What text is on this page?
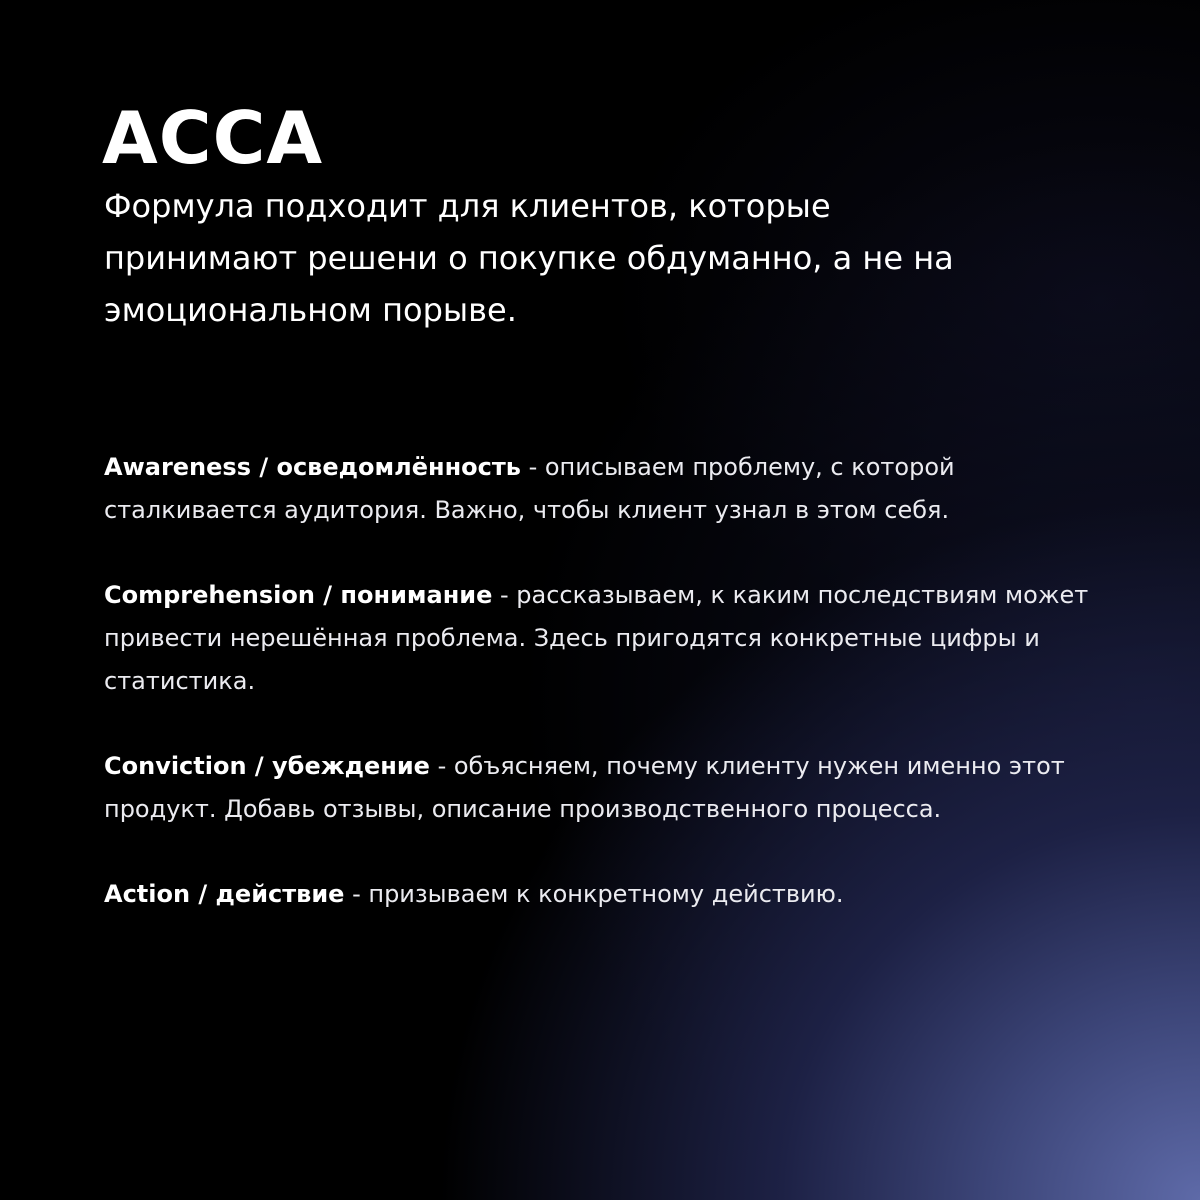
ACCA

Формула подходит для клиентов, которые принимают решени о покупке обдуманно, а не на эмоциональном порыве.

Awareness / осведомлённость - описываем проблему, с которой сталкивается аудитория. Важно, чтобы клиент узнал в этом себя.
Comprehension / понимание - рассказываем, к каким последствиям может привести нерешённая проблема. Здесь пригодятся конкретные цифры и статистика.
Conviction / убеждение - объясняем, почему клиенту нужен именно этот продукт. Добавь отзывы, описание производственного процесса.
Action / действие - призываем к конкретному действию.
